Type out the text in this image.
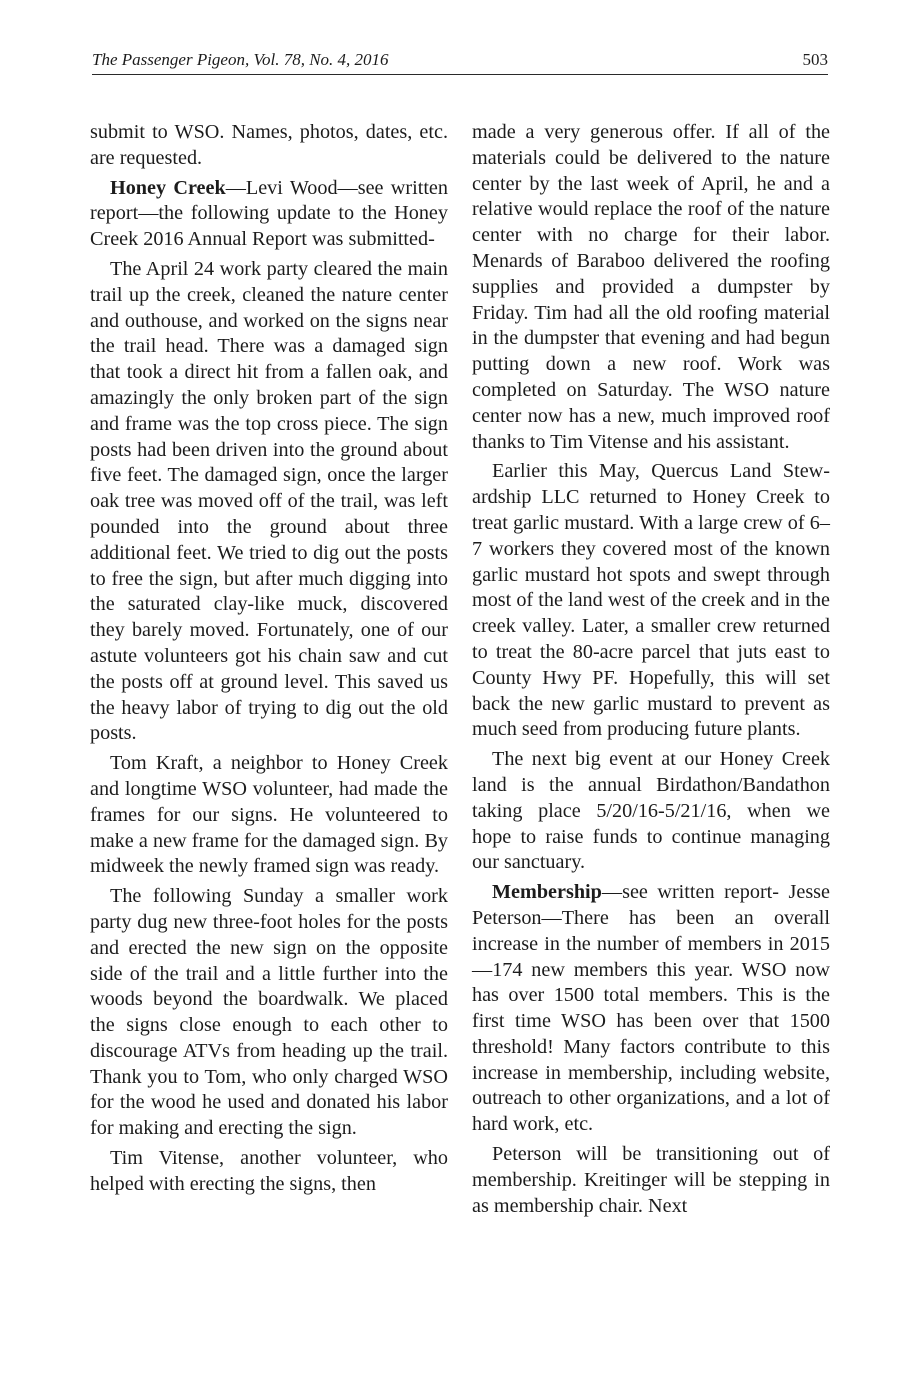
The Passenger Pigeon, Vol. 78, No. 4, 2016	503

submit to WSO. Names, photos, dates, etc. are requested.

Honey Creek—Levi Wood—see written report—the following update to the Honey Creek 2016 Annual Report was submitted-

The April 24 work party cleared the main trail up the creek, cleaned the nature center and outhouse, and worked on the signs near the trail head. There was a damaged sign that took a direct hit from a fallen oak, and amazingly the only broken part of the sign and frame was the top cross piece. The sign posts had been driven into the ground about five feet. The damaged sign, once the larger oak tree was moved off of the trail, was left pounded into the ground about three additional feet. We tried to dig out the posts to free the sign, but after much digging into the saturated clay-like muck, discovered they barely moved. Fortunately, one of our astute volunteers got his chain saw and cut the posts off at ground level. This saved us the heavy labor of trying to dig out the old posts.

Tom Kraft, a neighbor to Honey Creek and longtime WSO volunteer, had made the frames for our signs. He volunteered to make a new frame for the damaged sign. By midweek the newly framed sign was ready.

The following Sunday a smaller work party dug new three-foot holes for the posts and erected the new sign on the opposite side of the trail and a little further into the woods beyond the boardwalk. We placed the signs close enough to each other to discourage ATVs from heading up the trail. Thank you to Tom, who only charged WSO for the wood he used and donated his labor for making and erecting the sign.

Tim Vitense, another volunteer, who helped with erecting the signs, then

made a very generous offer. If all of the materials could be delivered to the nature center by the last week of April, he and a relative would replace the roof of the nature center with no charge for their labor. Menards of Baraboo delivered the roofing supplies and provided a dumpster by Friday. Tim had all the old roofing material in the dumpster that evening and had begun putting down a new roof. Work was completed on Saturday. The WSO nature center now has a new, much improved roof thanks to Tim Vitense and his assistant.

Earlier this May, Quercus Land Stewardship LLC returned to Honey Creek to treat garlic mustard. With a large crew of 6–7 workers they covered most of the known garlic mustard hot spots and swept through most of the land west of the creek and in the creek valley. Later, a smaller crew returned to treat the 80-acre parcel that juts east to County Hwy PF. Hopefully, this will set back the new garlic mustard to prevent as much seed from producing future plants.

The next big event at our Honey Creek land is the annual Birdathon/Bandathon taking place 5/20/16-5/21/16, when we hope to raise funds to continue managing our sanctuary.

Membership—see written report- Jesse Peterson—There has been an overall increase in the number of members in 2015—174 new members this year. WSO now has over 1500 total members. This is the first time WSO has been over that 1500 threshold! Many factors contribute to this increase in membership, including website, outreach to other organizations, and a lot of hard work, etc.

Peterson will be transitioning out of membership. Kreitinger will be stepping in as membership chair. Next
